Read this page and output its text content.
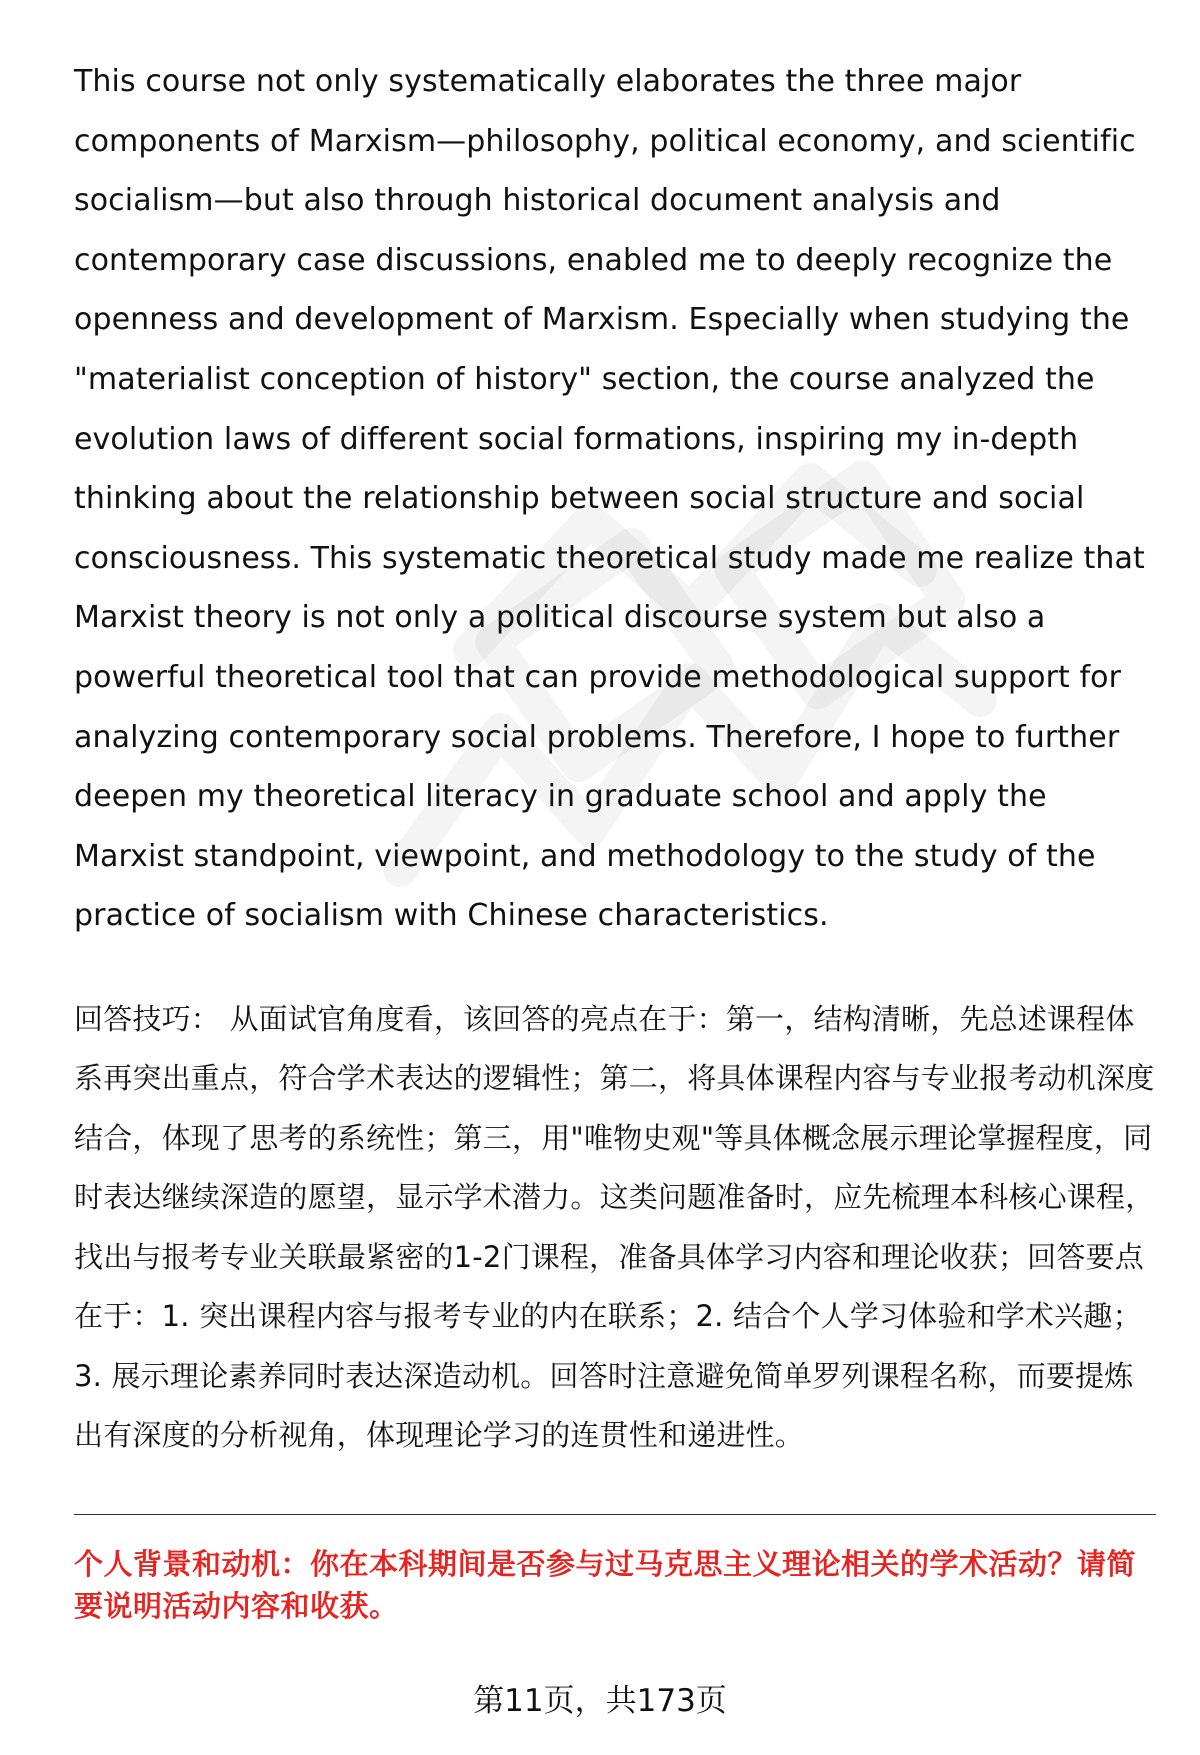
This course not only systematically elaborates the three major components of Marxism—philosophy, political economy, and scientific socialism—but also through historical document analysis and contemporary case discussions, enabled me to deeply recognize the openness and development of Marxism. Especially when studying the "materialist conception of history" section, the course analyzed the evolution laws of different social formations, inspiring my in-depth thinking about the relationship between social structure and social consciousness. This systematic theoretical study made me realize that Marxist theory is not only a political discourse system but also a powerful theoretical tool that can provide methodological support for analyzing contemporary social problems. Therefore, I hope to further deepen my theoretical literacy in graduate school and apply the Marxist standpoint, viewpoint, and methodology to the study of the practice of socialism with Chinese characteristics.

回答技巧： 从面试官角度看，该回答的亮点在于：第一，结构清晰，先总述课程体系再突出重点，符合学术表达的逻辑性；第二，将具体课程内容与专业报考动机深度结合，体现了思考的系统性；第三，用"唯物史观"等具体概念展示理论掌握程度，同时表达继续深造的愿望，显示学术潜力。这类问题准备时，应先梳理本科核心课程，找出与报考专业关联最紧密的1-2门课程，准备具体学习内容和理论收获；回答要点在于：1. 突出课程内容与报考专业的内在联系；2. 结合个人学习体验和学术兴趣；3. 展示理论素养同时表达深造动机。回答时注意避免简单罗列课程名称，而要提炼出有深度的分析视角，体现理论学习的连贯性和递进性。
个人背景和动机：你在本科期间是否参与过马克思主义理论相关的学术活动？请简要说明活动内容和收获。
第11页，共173页
